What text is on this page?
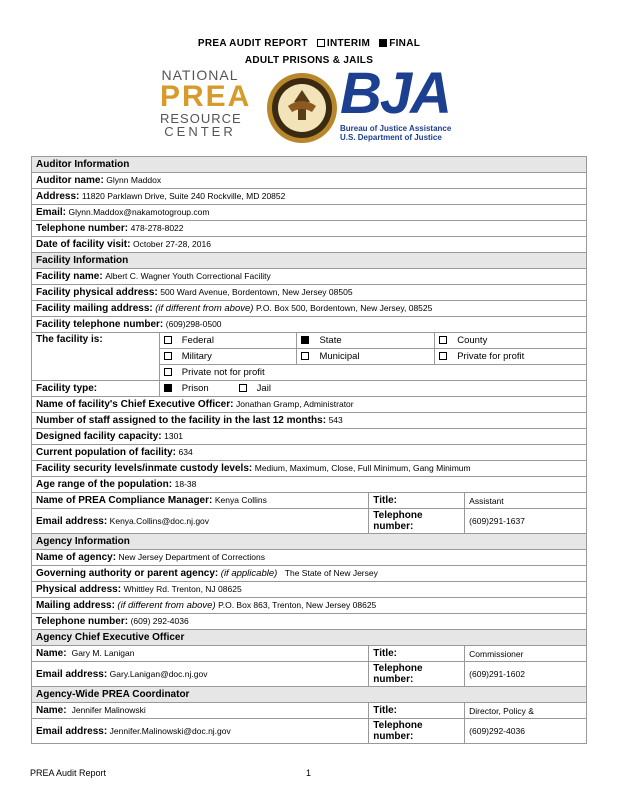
PREA AUDIT REPORT INTERIM FINAL
ADULT PRISONS & JAILS
NATIONAL
PREA
RESOURCE
CENTER
BJA
Bureau of Justice Assistance
U.S. Department of Justice
Auditor Information					
Auditor name: Glynn Maddox					
Address: 11820 Parklawn Drive, Suite 240 Rockville, MD 20852					
Email: Glynn.Maddox@nakamotogroup.com					
Telephone number: 478-278-8022					
Date of facility visit: October 27-28, 2016					
Facility Information					
Facility name: Albert C. Wagner Youth Correctional Facility					
Facility physical address: 500 Ward Avenue, Bordentown, New Jersey 08505					
Facility mailing address: (if different from above) P.O. Box 500, Bordentown, New Jersey, 08525					
Facility telephone number: (609)298-0500					
The facility is:	Federal	State		County	
	Military	Municipal		Private for profit	
	Private not for profit				
Facility type:	Prison Jail				
Name of facility's Chief Executive Officer: Jonathan Gramp, Administrator					
Number of staff assigned to the facility in the last 12 months: 543					
Designed facility capacity: 1301					
Current population of facility: 634					
Facility security levels/inmate custody levels: Medium, Maximum, Close, Full Minimum, Gang Minimum					
Age range of the population: 18-38					
Name of PREA Compliance Manager: Kenya Collins			Title:		Assistant
Email address: Kenya.Collins@doc.nj.gov			Telephone number:		(609)291-1637
Agency Information					
Name of agency: New Jersey Department of Corrections					
Governing authority or parent agency: (if applicable) The State of New Jersey					
Physical address: Whittley Rd. Trenton, NJ 08625					
Mailing address: (if different from above) P.O. Box 863, Trenton, New Jersey 08625					
Telephone number: (609) 292-4036					
Agency Chief Executive Officer					
Name: Gary M. Lanigan			Title:		Commissioner
Email address: Gary.Lanigan@doc.nj.gov			Telephone number:		(609)291-1602
Agency-Wide PREA Coordinator					
Name: Jennifer Malinowski			Title:		Director, Policy &
Email address: Jennifer.Malinowski@doc.nj.gov			Telephone number:		(609)292-4036
PREA Audit Report	1
